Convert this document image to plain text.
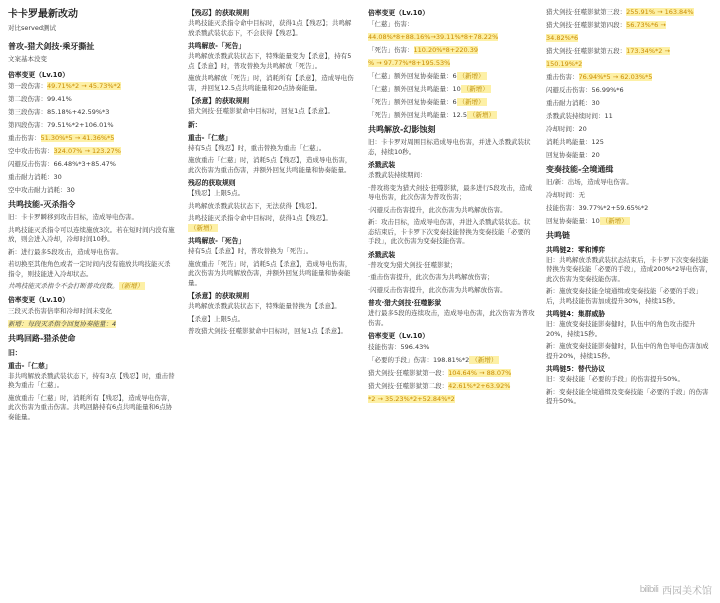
卡卡罗最新改动
对比served测试
普攻-猎犬剑技·乘牙撕扯
文案基本没变
倍率变更（Lv.10）
第一段伤害：49.71%*2 → 45.73%*2
第二段伤害：99.41%
第三段伤害：85.18%+42.59%*3
第四段伤害：79.51%*2+106.01%
重击伤害：51.30%*5 → 41.36%*5
空中攻击伤害：324.07% → 123.27%
闪避反击伤害：66.48%*3+85.47%
重击耐力消耗：30
空中攻击耐力消耗：30
共鸣技能-灭杀指令
旧：卡卡罗瞬移到攻击目标，造成导电伤害。
共鸣技能灭杀指令可以连续施放3次。若在短时间内没有施放，则会进入冷却，冷却时间10秒。
新：进行最多5段攻击，造成导电伤害。
若切换至其他角色或者一定时间内没有施放共鸣技能灭杀指令，则技能进入冷却状态。
共鸣技能灭杀指令不会打断普攻段数。 （新增）
倍率变更（Lv.10）
三段灭杀伤害倍率和冷却时间未变化
新增：每段灭杀指令回复协奏能量：4
共鸣回路-猎杀使命
旧：
重击-「仁慈」
非共鸣解放杀戮武装状态下，持有3点【残忍】时，重击替换为重击「仁慈」。
施放重击「仁慈」时，消耗所有【残忍】，造成导电伤害，此次伤害为重击伤害。共鸣回路持有6点共鸣能量和6点协奏能量。
【残忍】的获取规则
共鸣技能灭杀指令命中目标时，获得1点【残忍】；共鸣解放杀戮武装状态下，不会获得【残忍】。
共鸣解放-「死告」
共鸣解放杀戮武装状态下，特殊能量变为【杀意】，持有5点【杀意】时，普攻替换为共鸣解放「死告」。
施放共鸣解放「死告」时，消耗所有【杀意】，造成导电伤害，并回复12.5点共鸣能量和20点协奏能量。
【杀意】的获取规则
猎犬剑技·狂噬影狱命中目标时，回复1点【杀意】。
新：
重击-「仁慈」
持有5点【残忍】时，重击替换为重击「仁慈」。
施放重击「仁慈」时，消耗5点【残忍】，造成导电伤害，此次伤害为重击伤害，并额外回复共鸣能量和协奏能量。
残忍的获取规则
【残忍】上限5点。
共鸣解放杀戮武装状态下，无法获得【残忍】。
共鸣技能灭杀指令命中目标时，获得1点【残忍】。（新增）
共鸣解放-「死告」
持有5点【杀意】时，普攻替换为「死告」。
施放重击「死告」时，消耗5点【杀意】，造成导电伤害，此次伤害为共鸣解放伤害，并额外回复共鸣能量和协奏能量。
【杀意】的获取规则
共鸣解放杀戮武装状态下，特殊能量替换为【杀意】。
【杀意】上限5点。
普攻猎犬剑技·狂噬影狱命中目标时，回复1点【杀意】。
倍率变更（Lv.10）
「仁慈」伤害：
44.08%*8+88.16%→39.11%*8+78.22%
「死告」伤害：110.20%*8+220.39
% → 97.77%*8+195.53%
「仁慈」额外回复协奏能量：6 （新增）
「仁慈」额外回复共鸣能量：10 （新增）
「死告」额外回复协奏能量：6 （新增）
「死告」额外回复共鸣能量：12.5 （新增）
共鸣解放-幻影蚀刻
旧：卡卡罗对周围目标造成导电伤害，并进入杀戮武装状态，持续10秒。
杀戮武装
杀戮武装持续期间：
·普攻将变为猎犬剑技·狂噬影狱，最多进行5段攻击，造成导电伤害，此次伤害为普攻伤害；
·闪避反击伤害提升，此次伤害为共鸣解放伤害。
新：攻击目标，造成导电伤害，并进入杀戮武装状态。状态结束后，卡卡罗下次变奏技能替换为变奏技能「必要的手段」，此次伤害为变奏技能伤害。
杀戮武装
·普攻变为猎犬剑技·狂噬影狱；
·重击伤害提升，此次伤害为共鸣解放伤害；
·闪避反击伤害提升，此次伤害为共鸣解放伤害。
普攻·猎犬剑技·狂噬影狱
进行最多5段的连续攻击，造成导电伤害，此次伤害为普攻伤害。
倍率变更（Lv.10）
技能伤害：596.43%
「必要的手段」伤害：198.81%*2 （新增）
猎犬剑技·狂噬影狱第一段：104.64% → 88.07%
猎犬剑技·狂噬影狱第二段：42.61%*2+63.92%
*2 → 35.23%*2+52.84%*2
猎犬剑技·狂噬影狱第三段：255.91% → 163.84%
猎犬剑技·狂噬影狱第四段：56.73%*6 →
34.82%*6
猎犬剑技·狂噬影狱第五段：173.34%*2 →
150.19%*2
重击伤害：76.94%*5 → 62.03%*5
闪避反击伤害：56.99%*6
重击耐力消耗：30
杀戮武装持续时间：11
冷却时间：20
消耗共鸣能量：125
回复协奏能量：20
变奏技能-全境通缉
旧/新：出场，造成导电伤害。
冷却时间：无
技能伤害：39.77%*2+59.65%*2
回复协奏能量：10 （新增）
共鸣链
共鸣链2：零和博弈
旧：共鸣解放杀戮武装状态结束后，卡卡罗下次变奏技能替换为变奏技能「必要的手段」，造成200%*2导电伤害，此次伤害为变奏技能伤害。
新：施放变奏技能全境通缉或变奏技能「必要的手段」后，共鸣技能伤害加成提升30%，持续15秒。
共鸣链4：集群威胁
旧：施放变奏技能影奏健时，队伍中的角色攻击提升20%，持续15秒。
新：施放变奏技能影奏健时，队伍中的角色导电伤害加成提升20%，持续15秒。
共鸣链5：替代协议
旧：变奏技能「必要的手段」的伤害提升50%。
新：变奏技能全境通缉及变奏技能「必要的手段」的伤害提升50%。
bilibili 西园美术馆
